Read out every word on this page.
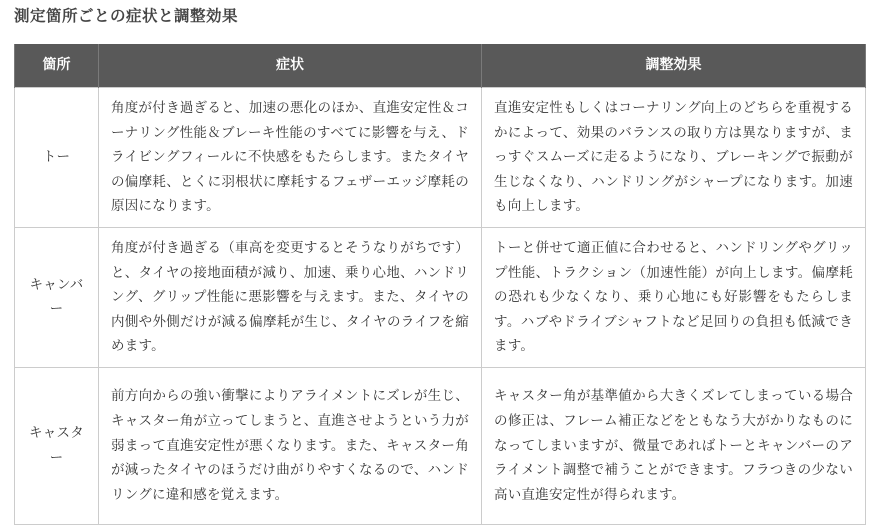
測定箇所ごとの症状と調整効果
箇所	症状	調整効果
トー	角度が付き過ぎると、加速の悪化のほか、直進安定性＆コーナリング性能＆ブレーキ性能のすべてに影響を与え、ドライビングフィールに不快感をもたらします。またタイヤの偏摩耗、とくに羽根状に摩耗するフェザーエッジ摩耗の原因になります。	直進安定性もしくはコーナリング向上のどちらを重視するかによって、効果のバランスの取り方は異なりますが、まっすぐスムーズに走るようになり、ブレーキングで振動が生じなくなり、ハンドリングがシャープになります。加速も向上します。
キャンバー	角度が付き過ぎる（車高を変更するとそうなりがちです）と、タイヤの接地面積が減り、加速、乗り心地、ハンドリング、グリップ性能に悪影響を与えます。また、タイヤの内側や外側だけが減る偏摩耗が生じ、タイヤのライフを縮めます。	トーと併せて適正値に合わせると、ハンドリングやグリップ性能、トラクション（加速性能）が向上します。偏摩耗の恐れも少なくなり、乗り心地にも好影響をもたらします。ハブやドライブシャフトなど足回りの負担も低減できます。
キャスター	前方向からの強い衝撃によりアライメントにズレが生じ、キャスター角が立ってしまうと、直進させようという力が弱まって直進安定性が悪くなります。また、キャスター角が減ったタイヤのほうだけ曲がりやすくなるので、ハンドリングに違和感を覚えます。	キャスター角が基準値から大きくズレてしまっている場合の修正は、フレーム補正などをともなう大がかりなものになってしまいますが、微量であればトーとキャンバーのアライメント調整で補うことができます。フラつきの少ない高い直進安定性が得られます。
